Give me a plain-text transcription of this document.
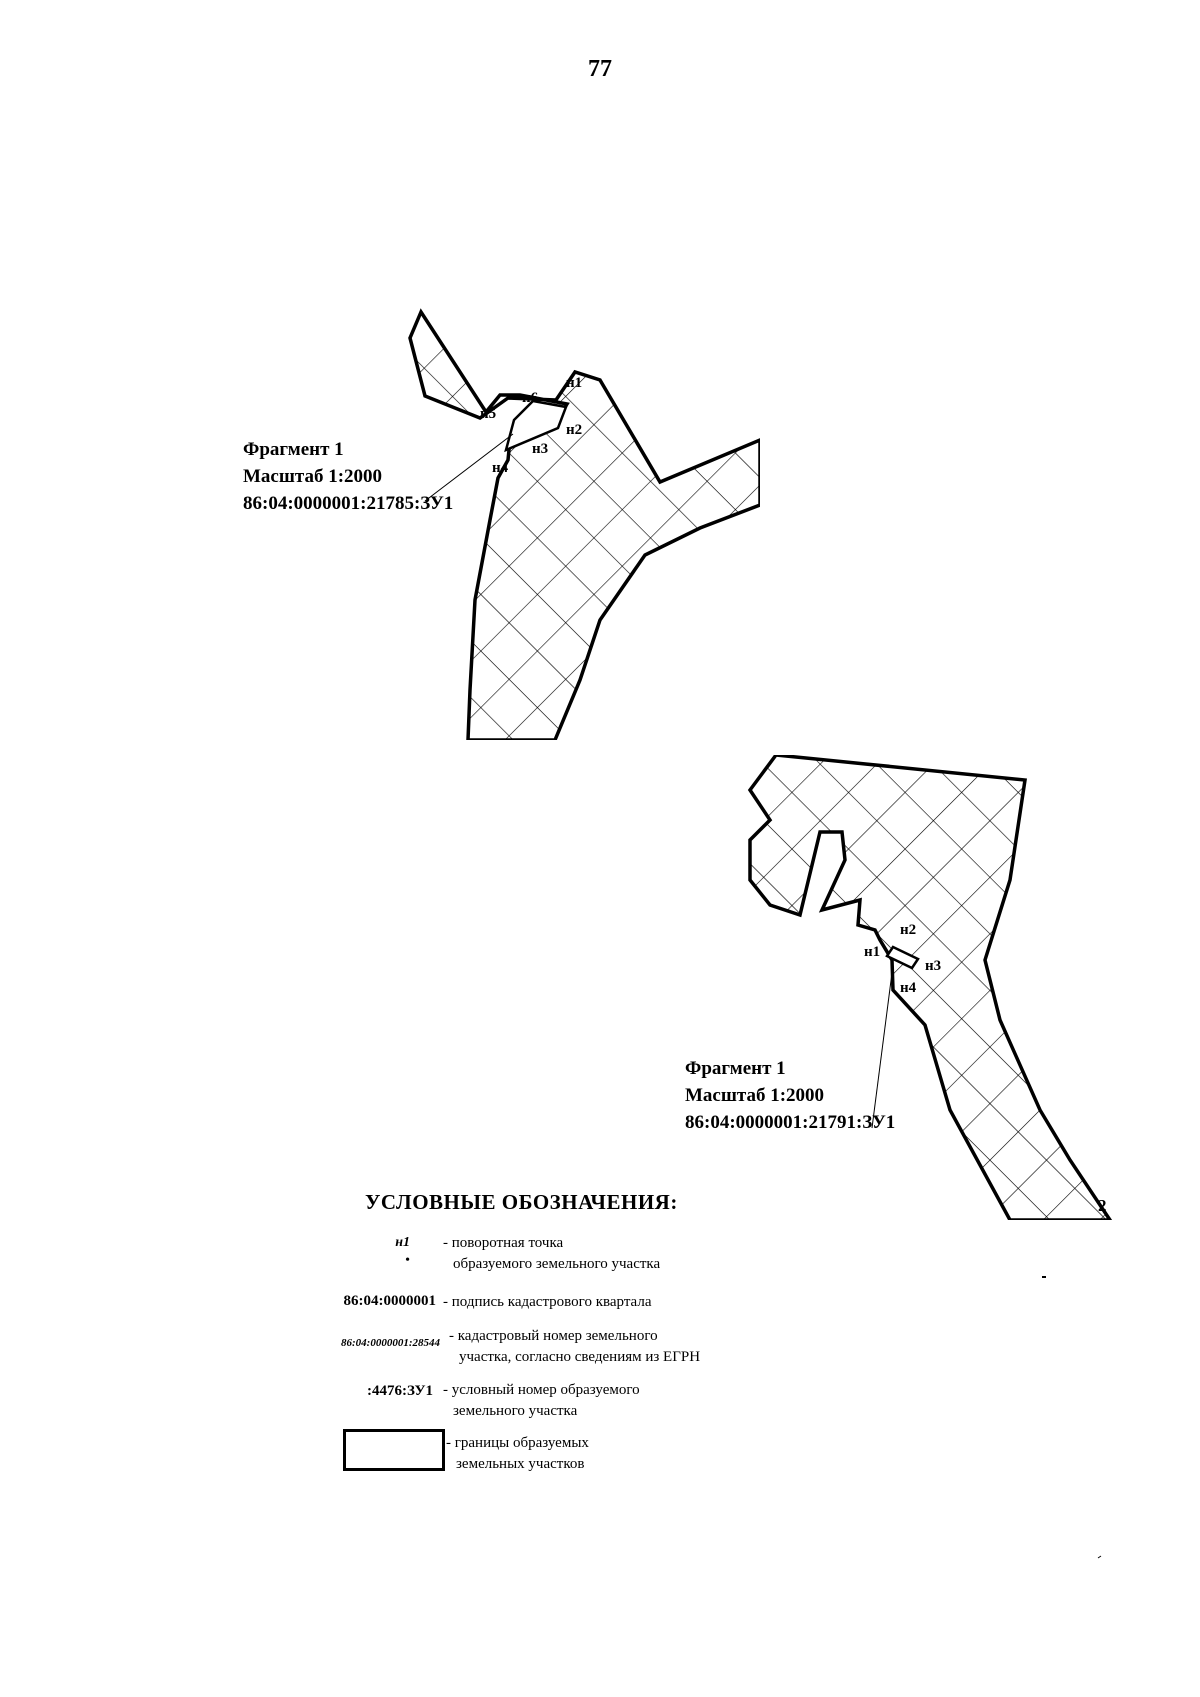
77
н1
н2
н3
н4
н5
н6
Фрагмент 1
Масштаб 1:2000
86:04:0000001:21785:ЗУ1
н1
н2
н3
н4
2
Фрагмент 1
Масштаб 1:2000
86:04:0000001:21791:ЗУ1
УСЛОВНЫЕ ОБОЗНАЧЕНИЯ:
н1
•
- поворотная точка
образуемого земельного участка
86:04:0000001 - подпись кадастрового квартала
86:04:0000001:28544 - кадастровый номер земельного
участка, согласно сведениям из ЕГРН
:4476:ЗУ1 - условный номер образуемого
земельного участка
- границы образуемых
земельных участков
